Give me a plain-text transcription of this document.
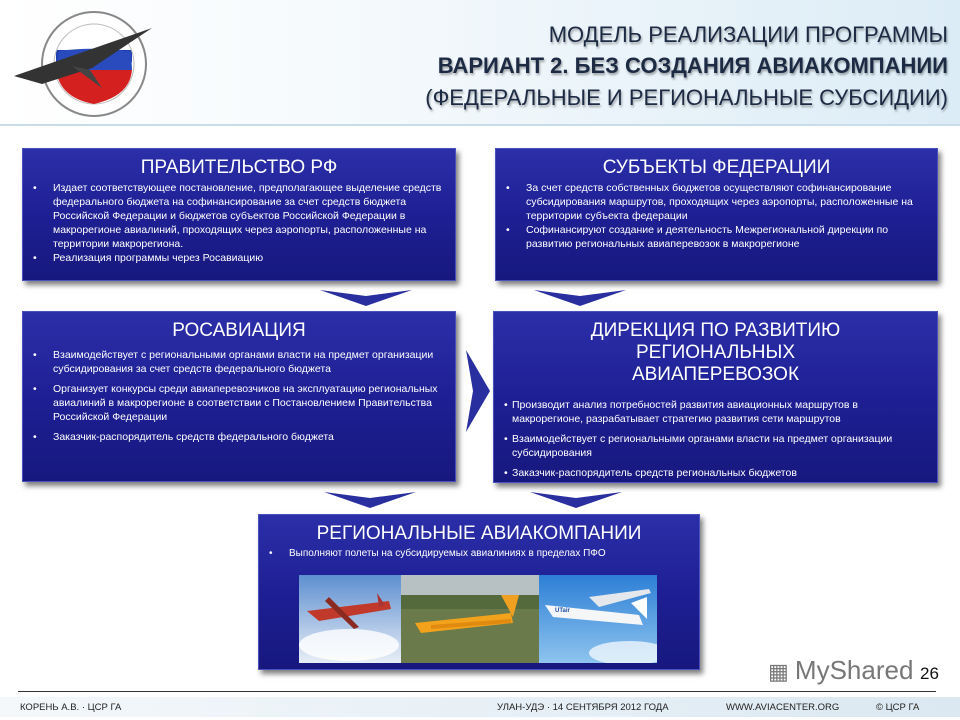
МОДЕЛЬ РЕАЛИЗАЦИИ ПРОГРАММЫ
ВАРИАНТ 2. БЕЗ СОЗДАНИЯ АВИАКОМПАНИИ
(ФЕДЕРАЛЬНЫЕ И РЕГИОНАЛЬНЫЕ СУБСИДИИ)
ПРАВИТЕЛЬСТВО РФ
• Издает соответствующее постановление, предполагающее выделение средств федерального бюджета на софинансирование за счет средств бюджета Российской Федерации и бюджетов субъектов Российской Федерации в макрорегионе авиалиний, проходящих через аэропорты, расположенные на территории макрорегиона.
• Реализация программы через Росавиацию
СУБЪЕКТЫ ФЕДЕРАЦИИ
• За счет средств собственных бюджетов осуществляют софинансирование субсидирования маршрутов, проходящих через аэропорты, расположенные на территории субъекта федерации
• Софинансируют создание и деятельность Межрегиональной дирекции по развитию региональных авиаперевозок в макрорегионе
РОСАВИАЦИЯ
• Взаимодействует с региональными органами власти на предмет организации субсидирования за счет средств федерального бюджета
• Организует конкурсы среди авиаперевозчиков на эксплуатацию региональных авиалиний в макрорегионе в соответствии с Постановлением Правительства Российской Федерации
• Заказчик-распорядитель средств федерального бюджета
ДИРЕКЦИЯ ПО РАЗВИТИЮ РЕГИОНАЛЬНЫХ АВИАПЕРЕВОЗОК
• Производит анализ потребностей развития авиационных маршрутов в макрорегионе, разрабатывает стратегию развития сети маршрутов
• Взаимодействует с региональными органами власти на предмет организации субсидирования
• Заказчик-распорядитель средств региональных бюджетов
РЕГИОНАЛЬНЫЕ АВИАКОМПАНИИ
• Выполняют полеты на субсидируемых авиалиниях в пределах ПФО
UTair
▦ MyShared 26
КОРЕНЬ А.В. · ЦСР ГА	УЛАН-УДЭ · 14 СЕНТЯБРЯ 2012 ГОДА	WWW.AVIACENTER.ORG	© ЦСР ГА
